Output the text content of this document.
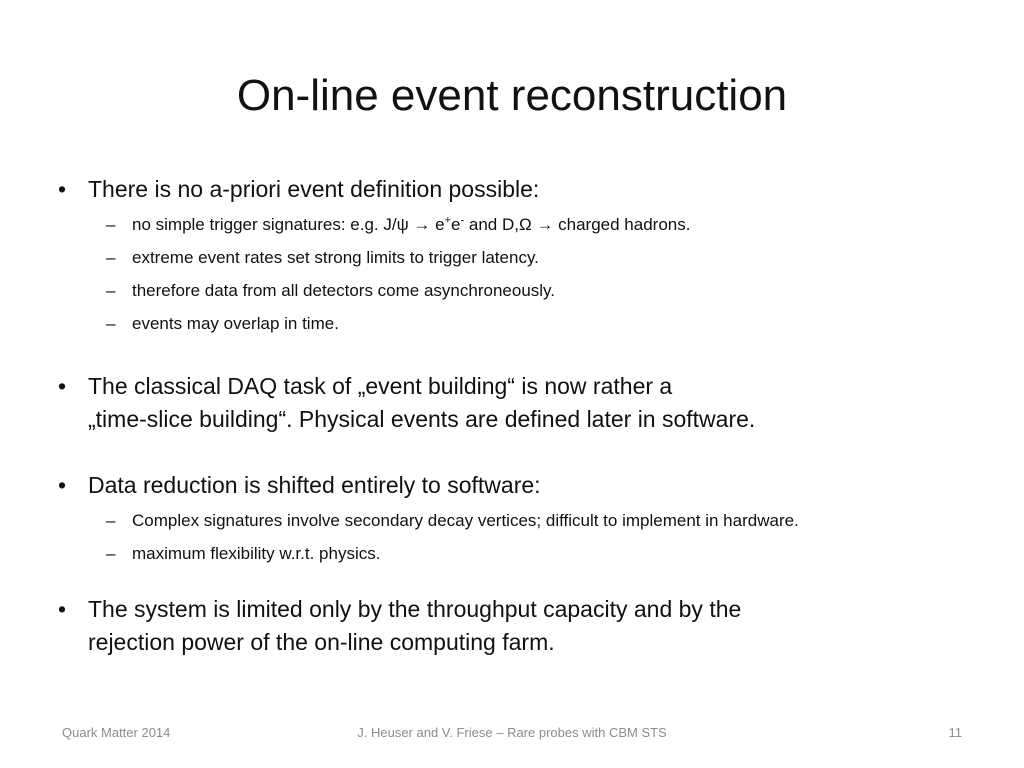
On-line event reconstruction
• There is no a-priori event definition possible:
– no simple trigger signatures: e.g. J/ψ → e+e- and D,Ω → charged hadrons.
– extreme event rates set strong limits to trigger latency.
– therefore data from all detectors come asynchroneously.
– events may overlap in time.
• The classical DAQ task of „event building“ is now rather a
„time-slice building“. Physical events are defined later in software.
• Data reduction is shifted entirely to software:
– Complex signatures involve secondary decay vertices; difficult to implement in hardware.
– maximum flexibility w.r.t. physics.
• The system is limited only by the throughput capacity and by the
rejection power of the on-line computing farm.
Quark Matter 2014	J. Heuser and V. Friese – Rare probes with CBM STS	11
